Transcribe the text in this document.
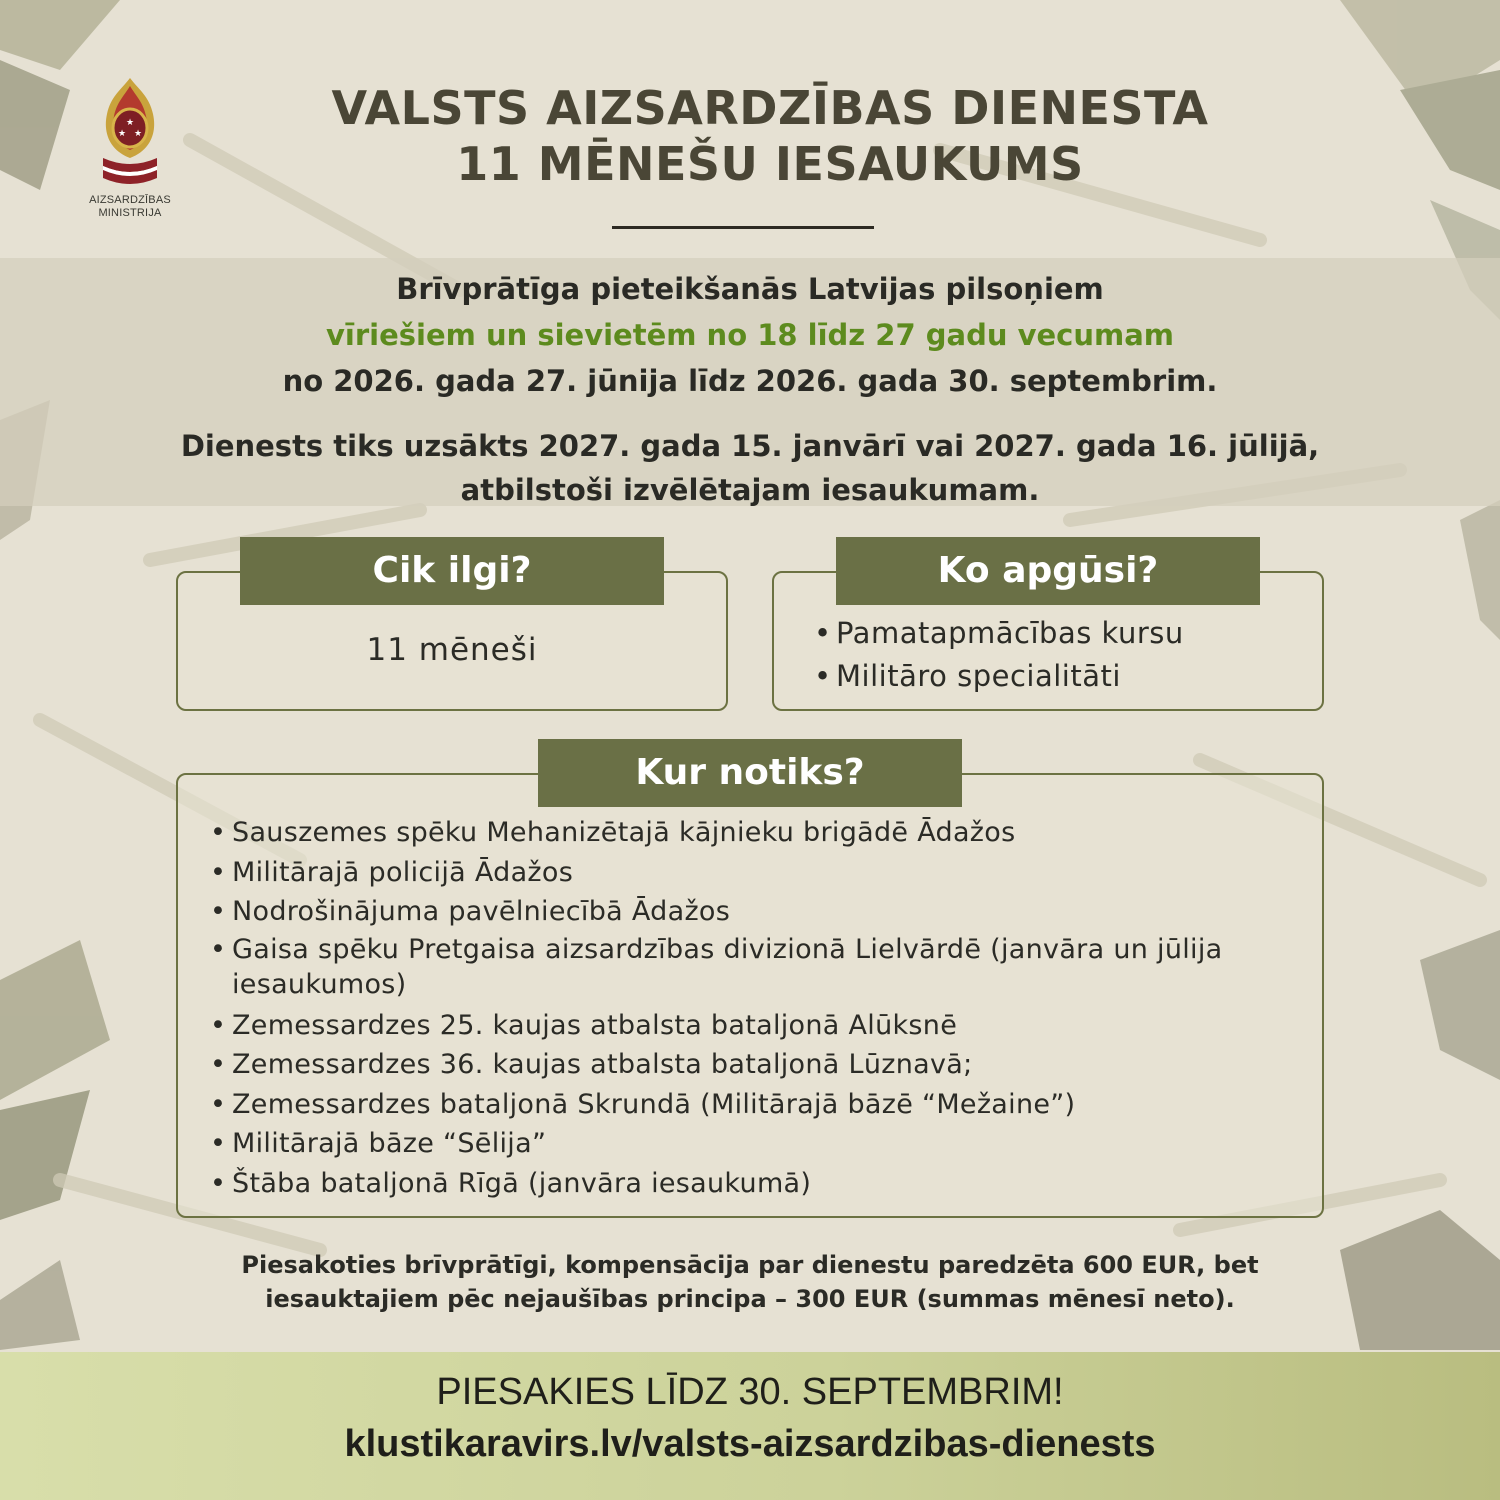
★
★ ★
AIZSARDZĪBAS
MINISTRIJA
VALSTS AIZSARDZĪBAS DIENESTA
11 MĒNEŠU IESAUKUMS
Brīvprātīga pieteikšanās Latvijas pilsoņiem
vīriešiem un sievietēm no 18 līdz 27 gadu vecumam
no 2026. gada 27. jūnija līdz 2026. gada 30. septembrim.
Dienests tiks uzsākts 2027. gada 15. janvārī vai 2027. gada 16. jūlijā,
atbilstoši izvēlētajam iesaukumam.
Cik ilgi?
11 mēneši
Ko apgūsi?
• Pamatapmācības kursu
• Militāro specialitāti
Kur notiks?
• Sauszemes spēku Mehanizētajā kājnieku brigādē Ādažos
• Militārajā policijā Ādažos
• Nodrošinājuma pavēlniecībā Ādažos
• Gaisa spēku Pretgaisa aizsardzības divizionā Lielvārdē (janvāra un jūlija iesaukumos)
• Zemessardzes 25. kaujas atbalsta bataljonā Alūksnē
• Zemessardzes 36. kaujas atbalsta bataljonā Lūznavā;
• Zemessardzes bataljonā Skrundā (Militārajā bāzē “Mežaine”)
• Militārajā bāze “Sēlija”
• Štāba bataljonā Rīgā (janvāra iesaukumā)
Piesakoties brīvprātīgi, kompensācija par dienestu paredzēta 600 EUR, bet
iesauktajiem pēc nejaušības principa – 300 EUR (summas mēnesī neto).
PIESAKIES LĪDZ 30. SEPTEMBRIM!
klustikaravirs.lv/valsts-aizsardzibas-dienests
